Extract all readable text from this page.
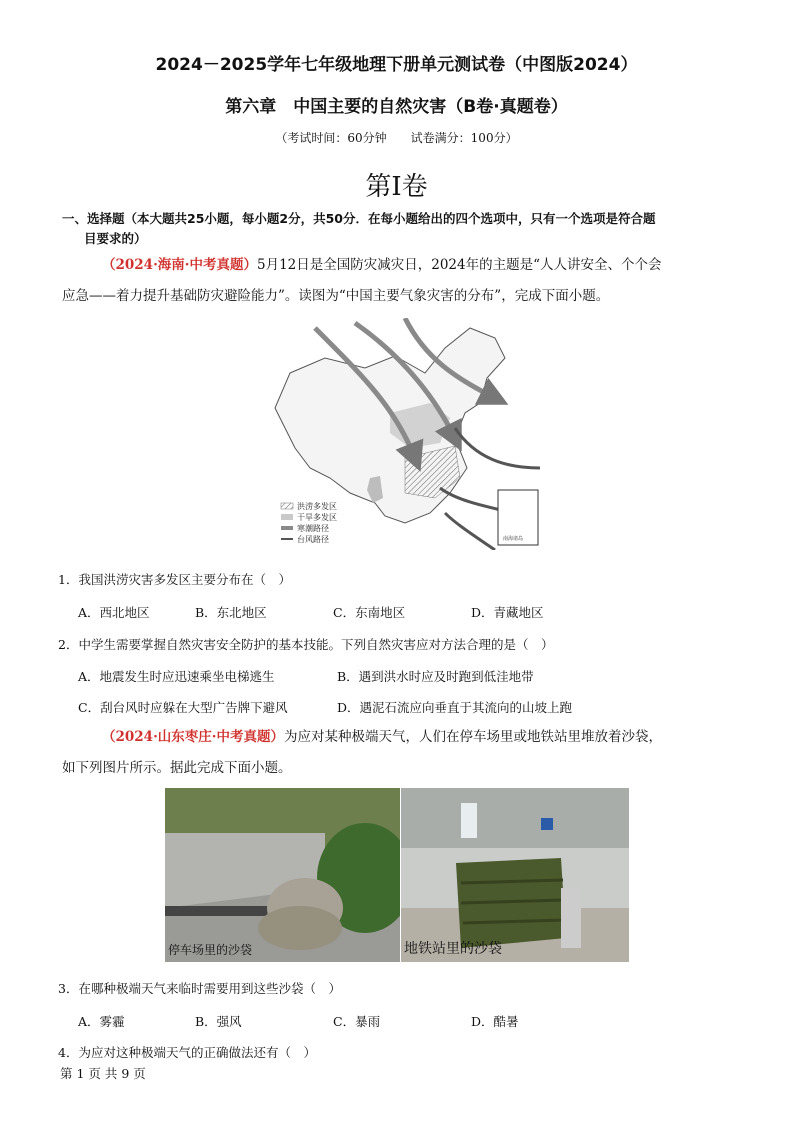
2024－2025学年七年级地理下册单元测试卷（中图版2024）
第六章　中国主要的自然灾害（B卷·真题卷）
（考试时间：60分钟　　试卷满分：100分）
第I卷
一、选择题（本大题共25小题，每小题2分，共50分．在每小题给出的四个选项中，只有一个选项是符合题
目要求的）
（2024·海南·中考真题）5月12日是全国防灾减灾日，2024年的主题是“人人讲安全、个个会
应急——着力提升基础防灾避险能力”。读图为“中国主要气象灾害的分布”，完成下面小题。
南海诸岛
洪涝多发区
干旱多发区
寒潮路径
台风路径
1．我国洪涝灾害多发区主要分布在（　）
A．西北地区	B．东北地区	C．东南地区	D．青藏地区
2．中学生需要掌握自然灾害安全防护的基本技能。下列自然灾害应对方法合理的是（　）
A．地震发生时应迅速乘坐电梯逃生	B．遇到洪水时应及时跑到低洼地带
C．刮台风时应躲在大型广告牌下避风	D．遇泥石流应向垂直于其流向的山坡上跑
（2024·山东枣庄·中考真题）为应对某种极端天气，人们在停车场里或地铁站里堆放着沙袋，
如下列图片所示。据此完成下面小题。
停车场里的沙袋	地铁站里的沙袋
3．在哪种极端天气来临时需要用到这些沙袋（　）
A．雾霾	B．强风	C．暴雨	D．酷暑
4．为应对这种极端天气的正确做法还有（　）
第 1 页 共 9 页
